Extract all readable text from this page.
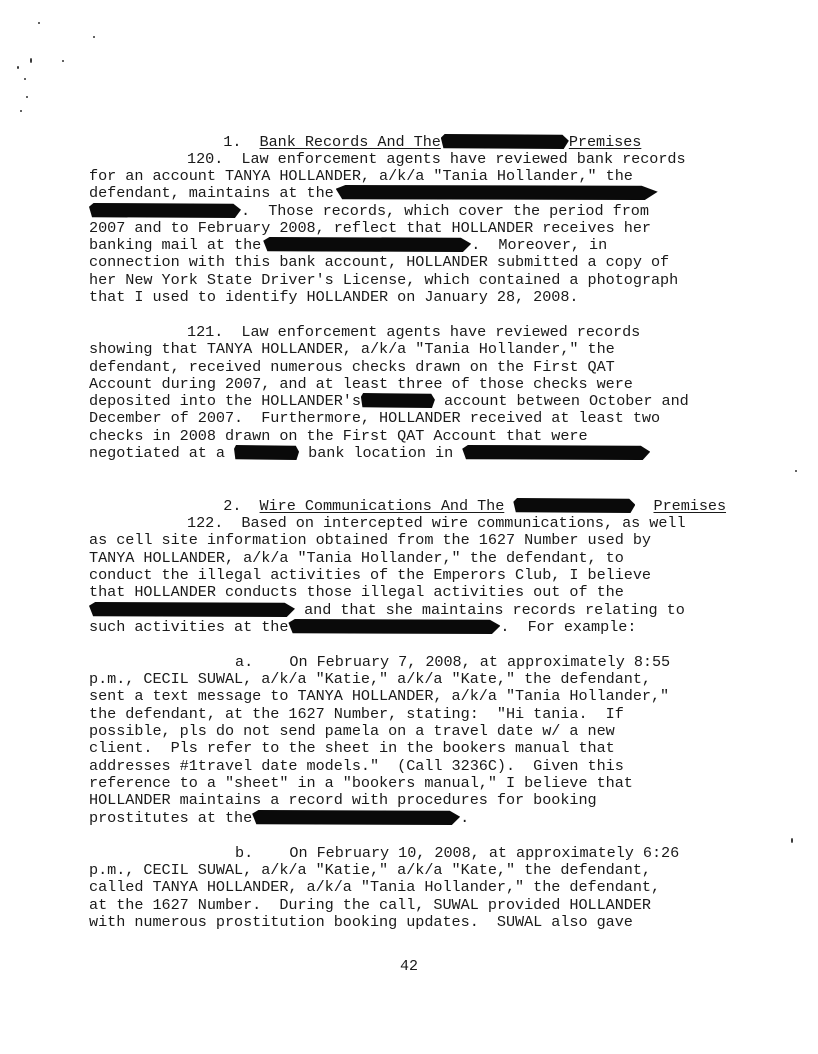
1. Bank Records And The	Premises

120. Law enforcement agents have reviewed bank records
for an account TANYA HOLLANDER, a/k/a "Tania Hollander," the
defendant, maintains at the
.  Those records, which cover the period from
2007 and to February 2008, reflect that HOLLANDER receives her
banking mail at the	.  Moreover, in
connection with this bank account, HOLLANDER submitted a copy of
her New York State Driver's License, which contained a photograph
that I used to identify HOLLANDER on January 28, 2008.
121. Law enforcement agents have reviewed records
showing that TANYA HOLLANDER, a/k/a "Tania Hollander," the
defendant, received numerous checks drawn on the First QAT
Account during 2007, and at least three of those checks were
deposited into the HOLLANDER's	account between October and
December of 2007.  Furthermore, HOLLANDER received at least two
checks in 2008 drawn on the First QAT Account that were
negotiated at a	bank location in

2. Wire Communications And The	Premises

122. Based on intercepted wire communications, as well
as cell site information obtained from the 1627 Number used by
TANYA HOLLANDER, a/k/a "Tania Hollander," the defendant, to
conduct the illegal activities of the Emperors Club, I believe
that HOLLANDER conducts those illegal activities out of the
and that she maintains records relating to
such activities at the	.  For example:
a. On February 7, 2008, at approximately 8:55
p.m., CECIL SUWAL, a/k/a "Katie," a/k/a "Kate," the defendant,
sent a text message to TANYA HOLLANDER, a/k/a "Tania Hollander,"
the defendant, at the 1627 Number, stating:  "Hi tania.  If
possible, pls do not send pamela on a travel date w/ a new
client.  Pls refer to the sheet in the bookers manual that
addresses #1travel date models."  (Call 3236C).  Given this
reference to a "sheet" in a "bookers manual," I believe that
HOLLANDER maintains a record with procedures for booking
prostitutes at the	.
b. On February 10, 2008, at approximately 6:26
p.m., CECIL SUWAL, a/k/a "Katie," a/k/a "Kate," the defendant,
called TANYA HOLLANDER, a/k/a "Tania Hollander," the defendant,
at the 1627 Number.  During the call, SUWAL provided HOLLANDER
with numerous prostitution booking updates.  SUWAL also gave
42
